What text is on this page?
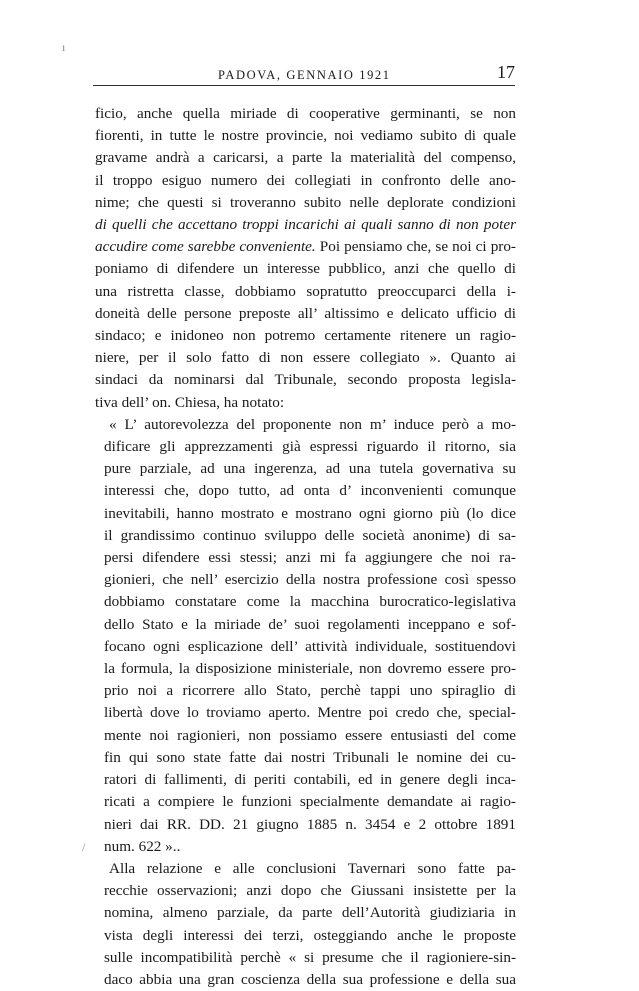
PADOVA, GENNAIO 1921	17
ı
/
ficio, anche quella miriade di cooperative germinanti, se non
fiorenti, in tutte le nostre provincie, noi vediamo subito di quale
gravame andrà a caricarsi, a parte la materialità del compenso,
il troppo esiguo numero dei collegiati in confronto delle ano-
nime; che questi si troveranno subito nelle deplorate condizioni
di quelli che accettano troppi incarichi ai quali sanno di non poter
accudire come sarebbe conveniente. Poi pensiamo che, se noi ci pro-
poniamo di difendere un interesse pubblico, anzi che quello di
una ristretta classe, dobbiamo sopratutto preoccuparci della i-
doneità delle persone preposte all’ altissimo e delicato ufficio di
sindaco; e inidoneo non potremo certamente ritenere un ragio-
niere, per il solo fatto di non essere collegiato ». Quanto ai
sindaci da nominarsi dal Tribunale, secondo proposta legisla-
tiva dell’ on. Chiesa, ha notato:
« L’ autorevolezza del proponente non m’ induce però a mo-
dificare gli apprezzamenti già espressi riguardo il ritorno, sia
pure parziale, ad una ingerenza, ad una tutela governativa su
interessi che, dopo tutto, ad onta d’ inconvenienti comunque
inevitabili, hanno mostrato e mostrano ogni giorno più (lo dice
il grandissimo continuo sviluppo delle società anonime) di sa-
persi difendere essi stessi; anzi mi fa aggiungere che noi ra-
gionieri, che nell’ esercizio della nostra professione così spesso
dobbiamo constatare come la macchina burocratico-legislativa
dello Stato e la miriade de’ suoi regolamenti inceppano e sof-
focano ogni esplicazione dell’ attività individuale, sostituendovi
la formula, la disposizione ministeriale, non dovremo essere pro-
prio noi a ricorrere allo Stato, perchè tappi uno spiraglio di
libertà dove lo troviamo aperto. Mentre poi credo che, special-
mente noi ragionieri, non possiamo essere entusiasti del come
fin qui sono state fatte dai nostri Tribunali le nomine dei cu-
ratori di fallimenti, di periti contabili, ed in genere degli inca-
ricati a compiere le funzioni specialmente demandate ai ragio-
nieri dai RR. DD. 21 giugno 1885 n. 3454 e 2 ottobre 1891
num. 622 »..
Alla relazione e alle conclusioni Tavernari sono fatte pa-
recchie osservazioni; anzi dopo che Giussani insistette per la
nomina, almeno parziale, da parte dell’Autorità giudiziaria in
vista degli interessi dei terzi, osteggiando anche le proposte
sulle incompatibilità perchè « si presume che il ragioniere-sin-
daco abbia una gran coscienza della sua professione e della sua
